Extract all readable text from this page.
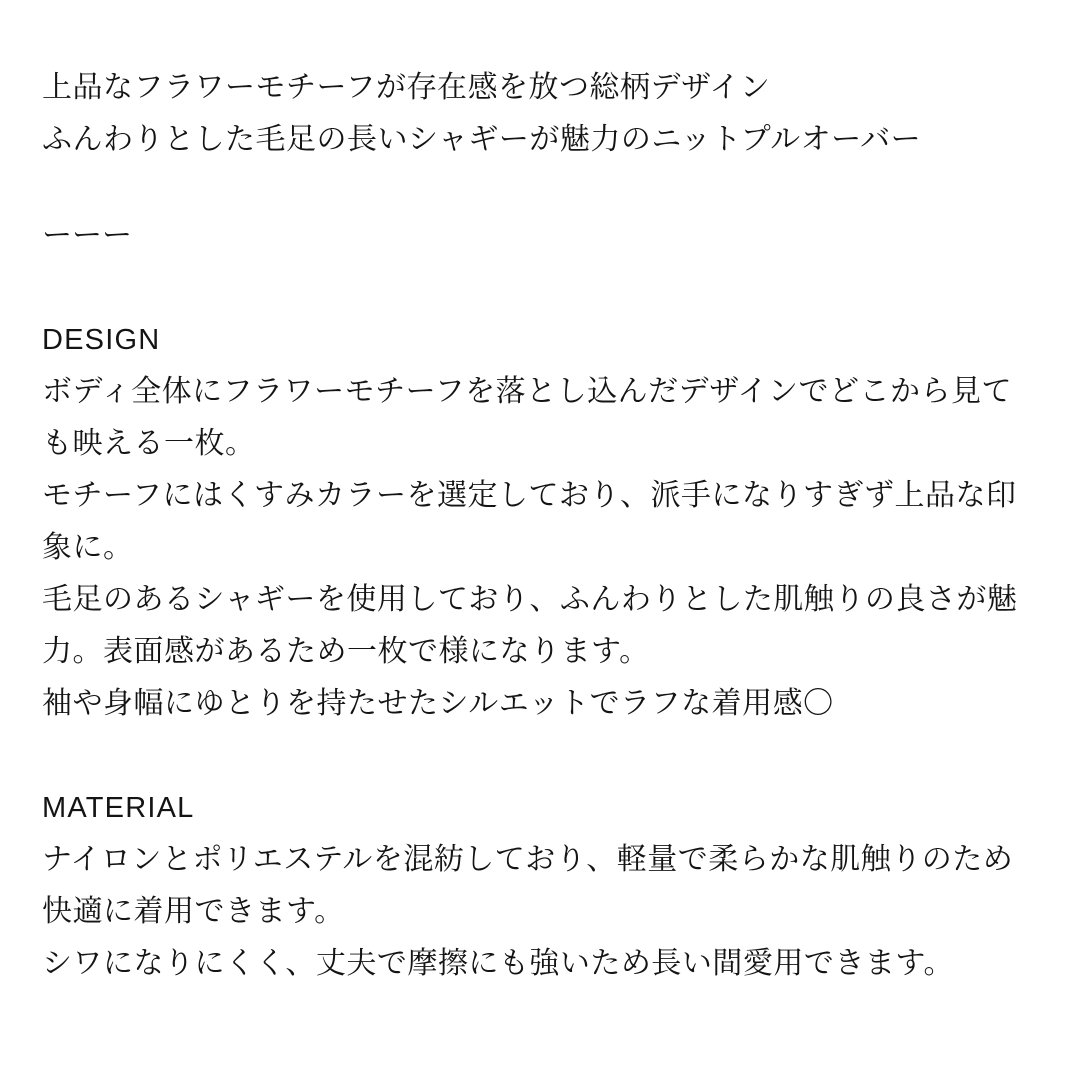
上品なフラワーモチーフが存在感を放つ総柄デザイン
ふんわりとした毛足の長いシャギーが魅力のニットプルオーバー
ーーー
DESIGN
ボディ全体にフラワーモチーフを落とし込んだデザインでどこから見ても映える一枚。
モチーフにはくすみカラーを選定しており、派手になりすぎず上品な印象に。
毛足のあるシャギーを使用しており、ふんわりとした肌触りの良さが魅力。表面感があるため一枚で様になります。
袖や身幅にゆとりを持たせたシルエットでラフな着用感〇
MATERIAL
ナイロンとポリエステルを混紡しており、軽量で柔らかな肌触りのため快適に着用できます。
シワになりにくく、丈夫で摩擦にも強いため長い間愛用できます。
